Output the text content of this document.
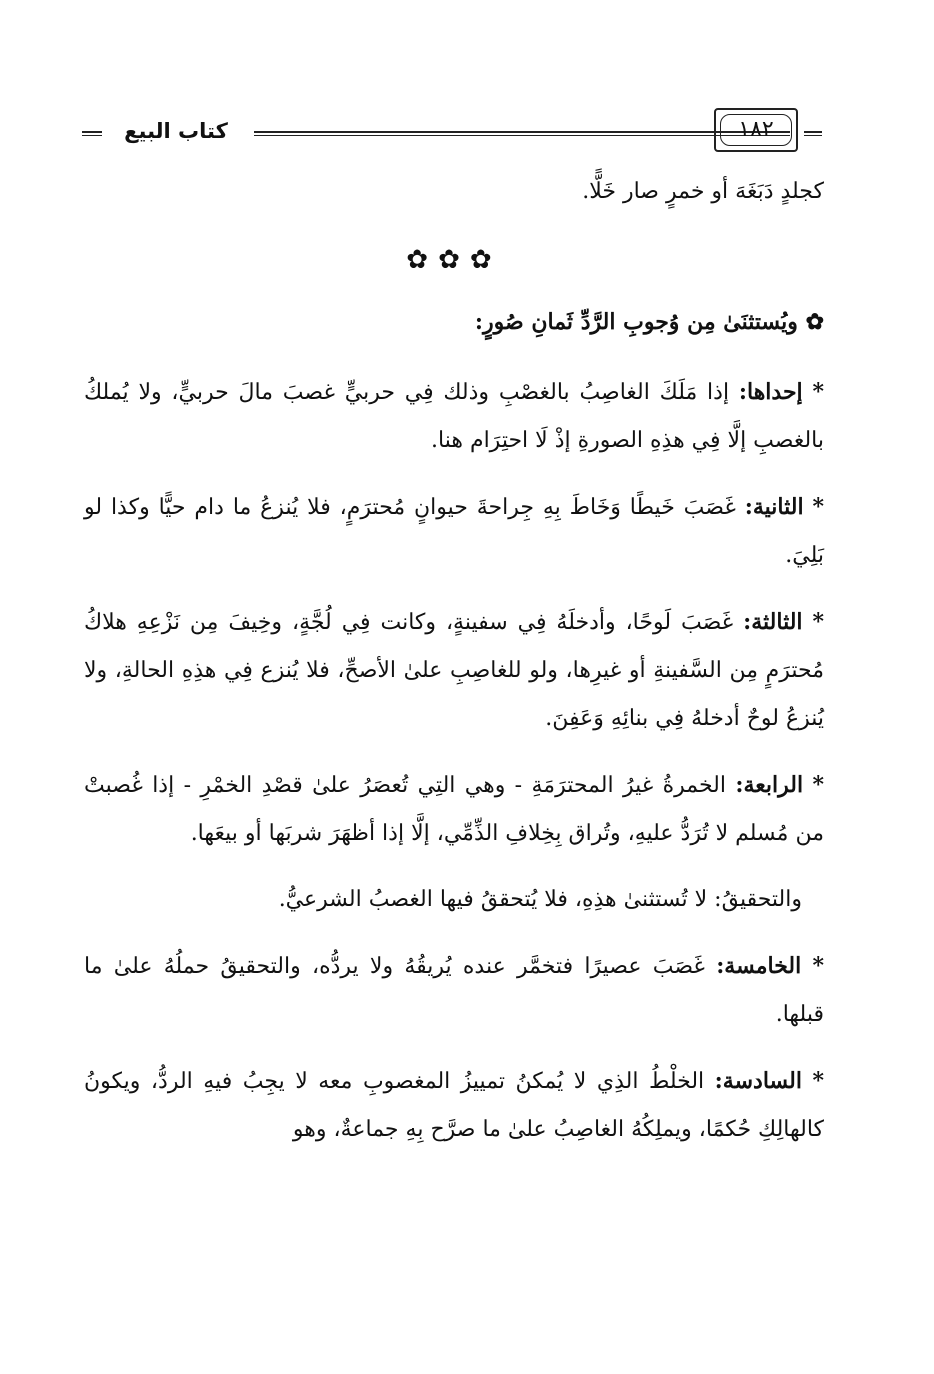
كتاب البيع	١٨٢

كجلدٍ دَبَغَهَ أو خمرٍ صار خَلًّا.

✿✿✿

✿ ويُستثنَىٰ مِن وُجوبِ الرَّدِّ ثَمانِ صُورٍ:

* إحداها: إذا مَلَكَ الغاصِبُ بالغصْبِ وذلك فِي حربيٍّ غصبَ مالَ حربيٍّ، ولا يُملكُ بالغصبِ إلَّا فِي هذِهِ الصورةِ إذْ لَا احتِرَام هنا.

* الثانية: غَصَبَ خَيطًا وَخَاطَ بِهِ جِراحةَ حيوانٍ مُحترَمٍ، فلا يُنزعُ ما دام حيًّا وكذا لو بَلِيَ.

* الثالثة: غَصَبَ لَوحًا، وأدخلَهُ فِي سفينةٍ، وكانت فِي لُجَّةٍ، وخِيفَ مِن نَزْعِهِ هلاكُ مُحترَمٍ مِن السَّفينةِ أو غيرِها، ولو للغاصِبِ علىٰ الأصحِّ، فلا يُنزع فِي هذِهِ الحالةِ، ولا يُنزعُ لوحٌ أدخلهُ فِي بنائِهِ وَعَفِنَ.

* الرابعة: الخمرةُ غيرُ المحترَمَةِ - وهي التِي تُعصَرُ علىٰ قصْدِ الخمْرِ - إذا غُصبتْ من مُسلم لا تُرَدُّ عليهِ، وتُراق بِخِلافِ الذِّمِّي، إلَّا إذا أظهَرَ شربَها أو بيعَها.

والتحقيقُ: لا تُستثنىٰ هذِهِ، فلا يُتحققُ فيها الغصبُ الشرعيُّ.

* الخامسة: غَصَبَ عصيرًا فتخمَّر عنده يُريقُهُ ولا يردُّه، والتحقيقُ حملُهُ علىٰ ما قبلها.

* السادسة: الخلْطُ الذِي لا يُمكنُ تمييزُ المغصوبِ معه لا يجِبُ فيهِ الردُّ، ويكونُ كالهالِكِ حُكمًا، ويملِكُهُ الغاصِبُ علىٰ ما صرَّح بِهِ جماعةٌ، وهو
